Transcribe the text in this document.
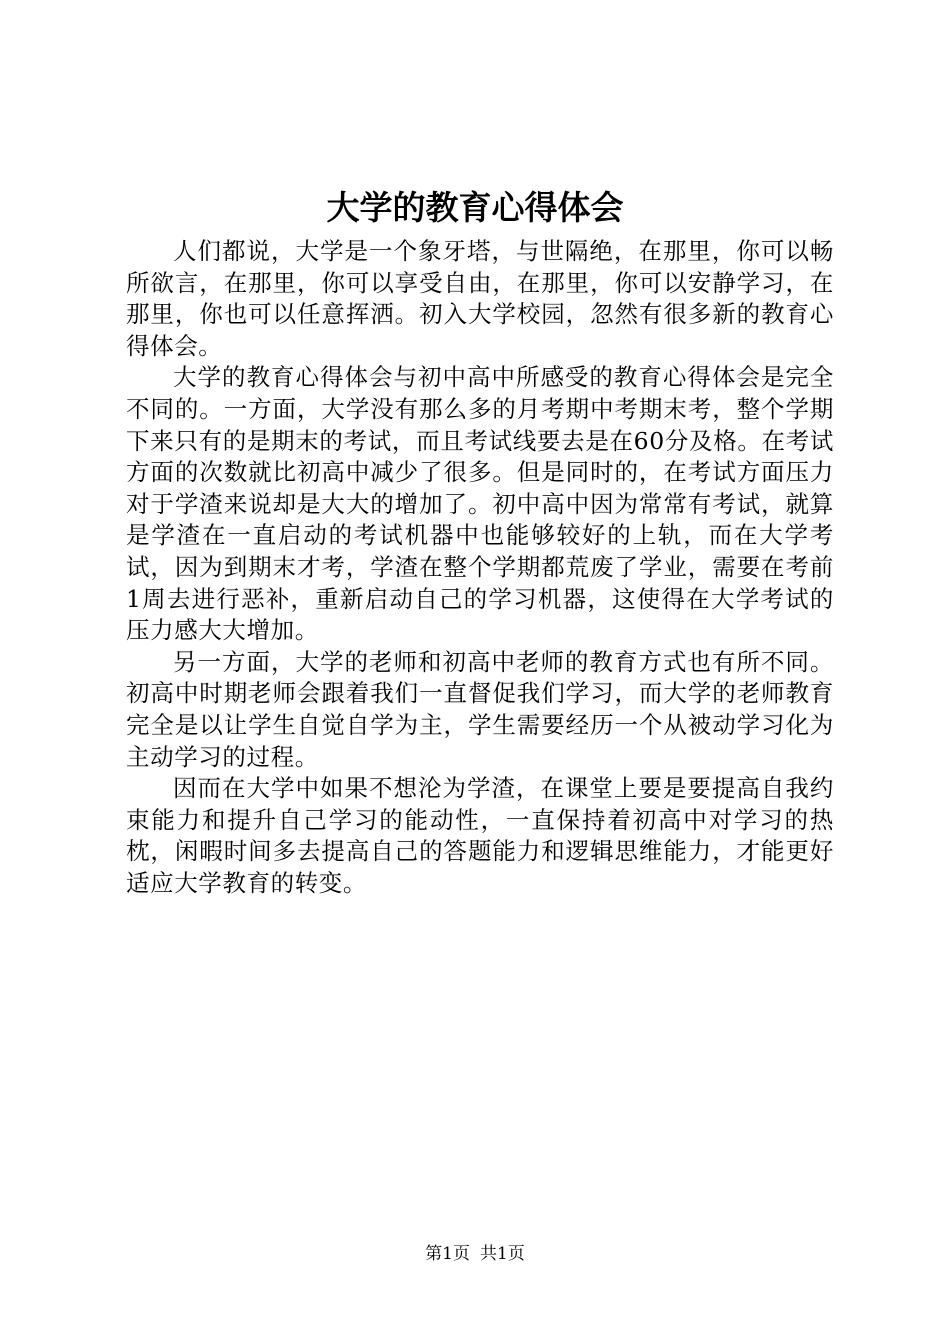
大学的教育心得体会

人们都说，大学是一个象牙塔，与世隔绝，在那里，你可以畅所欲言，在那里，你可以享受自由，在那里，你可以安静学习，在那里，你也可以任意挥洒。初入大学校园，忽然有很多新的教育心得体会。

大学的教育心得体会与初中高中所感受的教育心得体会是完全不同的。一方面，大学没有那么多的月考期中考期末考，整个学期下来只有的是期末的考试，而且考试线要去是在60分及格。在考试方面的次数就比初高中减少了很多。但是同时的，在考试方面压力对于学渣来说却是大大的增加了。初中高中因为常常有考试，就算是学渣在一直启动的考试机器中也能够较好的上轨，而在大学考试，因为到期末才考，学渣在整个学期都荒废了学业，需要在考前1周去进行恶补，重新启动自己的学习机器，这使得在大学考试的压力感大大增加。

另一方面，大学的老师和初高中老师的教育方式也有所不同。初高中时期老师会跟着我们一直督促我们学习，而大学的老师教育完全是以让学生自觉自学为主，学生需要经历一个从被动学习化为主动学习的过程。

因而在大学中如果不想沦为学渣，在课堂上要是要提高自我约束能力和提升自己学习的能动性，一直保持着初高中对学习的热枕，闲暇时间多去提高自己的答题能力和逻辑思维能力，才能更好适应大学教育的转变。

第1页 共1页
